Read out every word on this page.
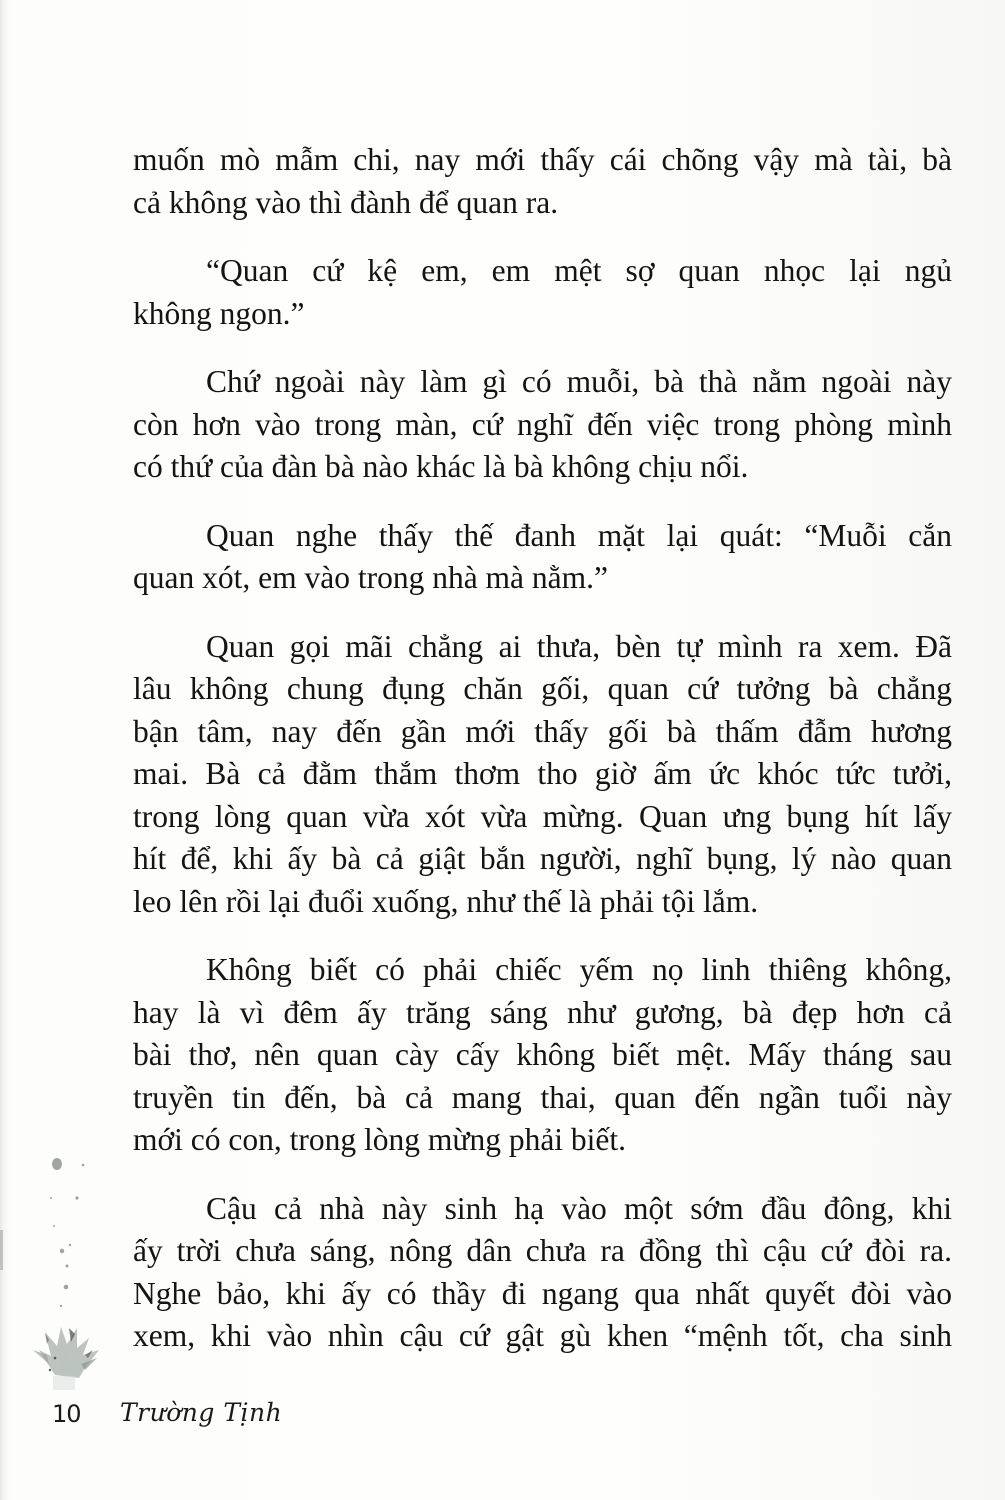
muốn mò mẫm chi, nay mới thấy cái chõng vậy mà tài, bà
cả không vào thì đành để quan ra.
“Quan cứ kệ em, em mệt sợ quan nhọc lại ngủ
không ngon.”
Chứ ngoài này làm gì có muỗi, bà thà nằm ngoài này
còn hơn vào trong màn, cứ nghĩ đến việc trong phòng mình
có thứ của đàn bà nào khác là bà không chịu nổi.
Quan nghe thấy thế đanh mặt lại quát: “Muỗi cắn
quan xót, em vào trong nhà mà nằm.”
Quan gọi mãi chẳng ai thưa, bèn tự mình ra xem. Đã
lâu không chung đụng chăn gối, quan cứ tưởng bà chẳng
bận tâm, nay đến gần mới thấy gối bà thấm đẫm hương
mai. Bà cả đằm thắm thơm tho giờ ấm ức khóc tức tưởi,
trong lòng quan vừa xót vừa mừng. Quan ưng bụng hít lấy
hít để, khi ấy bà cả giật bắn người, nghĩ bụng, lý nào quan
leo lên rồi lại đuổi xuống, như thế là phải tội lắm.
Không biết có phải chiếc yếm nọ linh thiêng không,
hay là vì đêm ấy trăng sáng như gương, bà đẹp hơn cả
bài thơ, nên quan cày cấy không biết mệt. Mấy tháng sau
truyền tin đến, bà cả mang thai, quan đến ngần tuổi này
mới có con, trong lòng mừng phải biết.
Cậu cả nhà này sinh hạ vào một sớm đầu đông, khi
ấy trời chưa sáng, nông dân chưa ra đồng thì cậu cứ đòi ra.
Nghe bảo, khi ấy có thầy đi ngang qua nhất quyết đòi vào
xem, khi vào nhìn cậu cứ gật gù khen “mệnh tốt, cha sinh
10 Trường Tịnh
